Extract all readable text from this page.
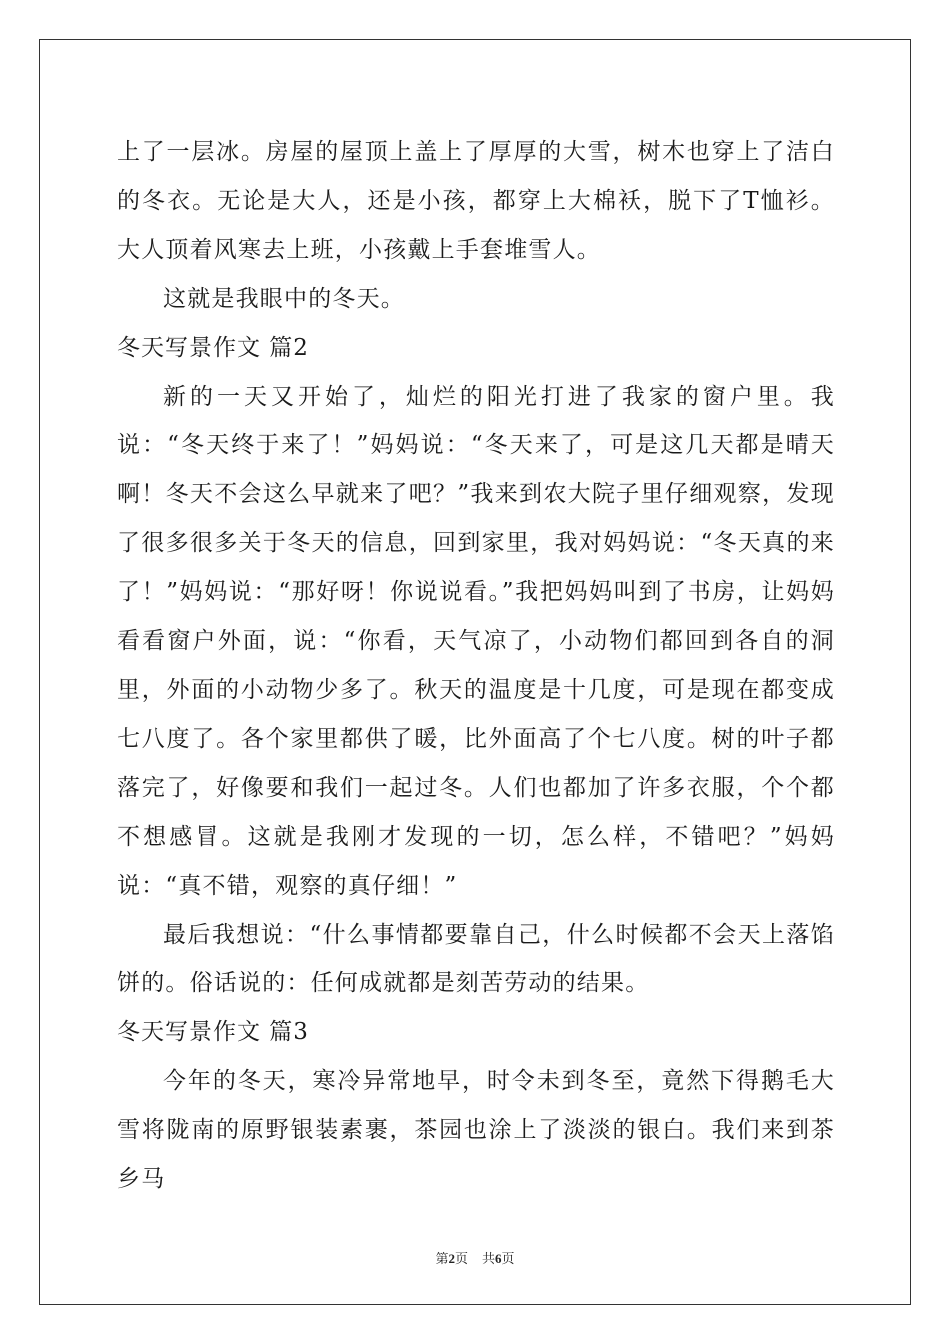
上了一层冰。房屋的屋顶上盖上了厚厚的大雪，树木也穿上了洁白的冬衣。无论是大人，还是小孩，都穿上大棉袄，脱下了T恤衫。大人顶着风寒去上班，小孩戴上手套堆雪人。

这就是我眼中的冬天。

冬天写景作文 篇2

新的一天又开始了，灿烂的阳光打进了我家的窗户里。我说：“冬天终于来了！”妈妈说：“冬天来了，可是这几天都是晴天啊！冬天不会这么早就来了吧？”我来到农大院子里仔细观察，发现了很多很多关于冬天的信息，回到家里，我对妈妈说：“冬天真的来了！”妈妈说：“那好呀！你说说看。”我把妈妈叫到了书房，让妈妈看看窗户外面，说：“你看，天气凉了，小动物们都回到各自的洞里，外面的小动物少多了。秋天的温度是十几度，可是现在都变成七八度了。各个家里都供了暖，比外面高了个七八度。树的叶子都落完了，好像要和我们一起过冬。人们也都加了许多衣服，个个都不想感冒。这就是我刚才发现的一切，怎么样，不错吧？”妈妈说：“真不错，观察的真仔细！”

最后我想说：“什么事情都要靠自己，什么时候都不会天上落馅饼的。俗话说的：任何成就都是刻苦劳动的结果。

冬天写景作文 篇3

今年的冬天，寒冷异常地早，时令未到冬至，竟然下得鹅毛大雪将陇南的原野银装素裹，茶园也涂上了淡淡的银白。我们来到茶乡马

第2页 共6页
